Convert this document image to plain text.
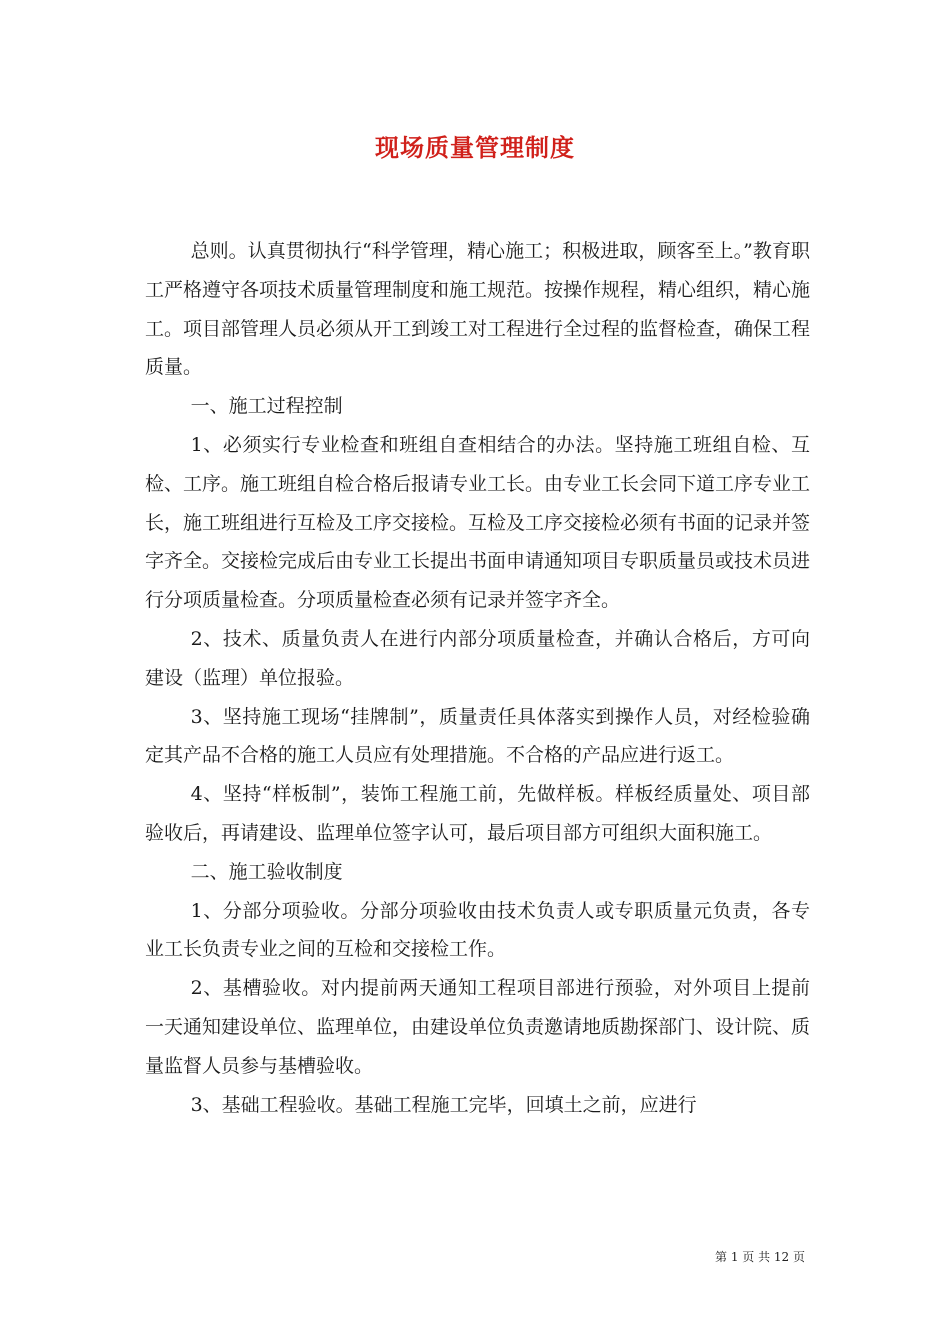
现场质量管理制度

总则。认真贯彻执行“科学管理，精心施工；积极进取，顾客至上。”教育职工严格遵守各项技术质量管理制度和施工规范。按操作规程，精心组织，精心施工。项目部管理人员必须从开工到竣工对工程进行全过程的监督检查，确保工程质量。

一、施工过程控制

1、必须实行专业检查和班组自查相结合的办法。坚持施工班组自检、互检、工序。施工班组自检合格后报请专业工长。由专业工长会同下道工序专业工长，施工班组进行互检及工序交接检。互检及工序交接检必须有书面的记录并签字齐全。交接检完成后由专业工长提出书面申请通知项目专职质量员或技术员进行分项质量检查。分项质量检查必须有记录并签字齐全。

2、技术、质量负责人在进行内部分项质量检查，并确认合格后，方可向建设（监理）单位报验。

3、坚持施工现场“挂牌制”，质量责任具体落实到操作人员，对经检验确定其产品不合格的施工人员应有处理措施。不合格的产品应进行返工。

4、坚持“样板制”，装饰工程施工前，先做样板。样板经质量处、项目部验收后，再请建设、监理单位签字认可，最后项目部方可组织大面积施工。

二、施工验收制度

1、分部分项验收。分部分项验收由技术负责人或专职质量元负责，各专业工长负责专业之间的互检和交接检工作。

2、基槽验收。对内提前两天通知工程项目部进行预验，对外项目上提前一天通知建设单位、监理单位，由建设单位负责邀请地质勘探部门、设计院、质量监督人员参与基槽验收。

3、基础工程验收。基础工程施工完毕，回填土之前，应进行

第 1 页 共 12 页
